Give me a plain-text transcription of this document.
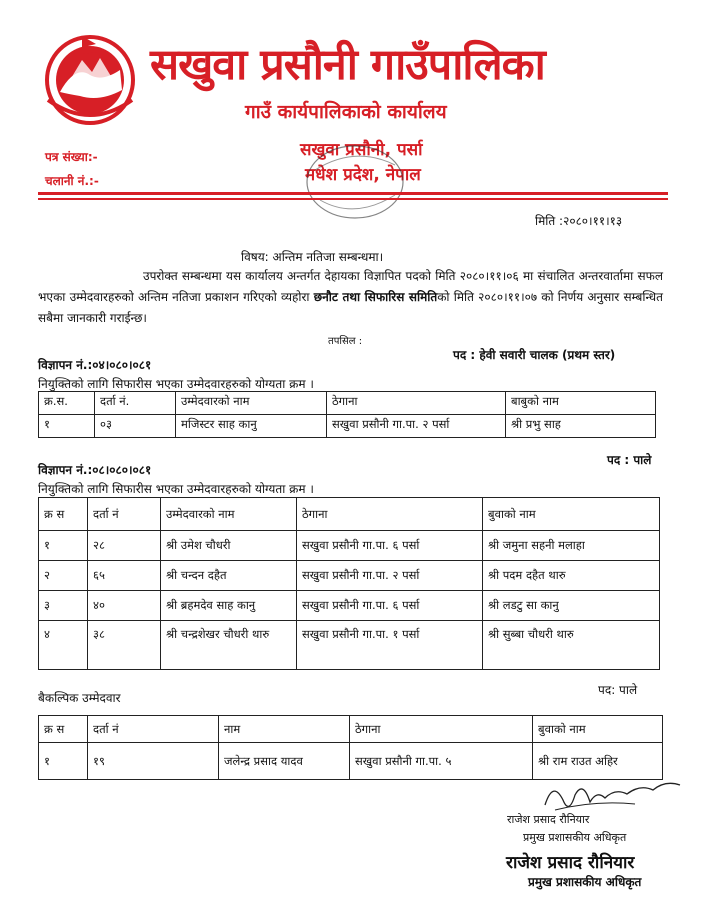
सखुवा प्रसौनी गाउँपालिका
गाउँ कार्यपालिकाको कार्यालय
सखुवा प्रसौनी, पर्सा
मधेश प्रदेश, नेपाल
पत्र संख्या:-
चलानी नं.:-
मिति :२०८०।११।१३
विषय: अन्तिम नतिजा सम्बन्धमा।
उपरोक्त सम्बन्धमा यस कार्यालय अन्तर्गत देहायका विज्ञापित पदको मिति २०८०।११।०६ मा संचालित अन्तरवार्तामा सफल भएका उम्मेदवारहरुको अन्तिम नतिजा प्रकाशन गरिएको व्यहोरा छनौट तथा सिफारिस समितिको मिति २०८०।११।०७ को निर्णय अनुसार सम्बन्धित सबैमा जानकारी गराईन्छ।
तपसिल :
विज्ञापन नं.:०४।०८०।०८१
पद : हेवी सवारी चालक (प्रथम स्तर)
नियुक्तिको लागि सिफारीस भएका उम्मेदवारहरुको योग्यता क्रम ।
क्र.स.	दर्ता नं.	उम्मेदवारको नाम	ठेगाना	बाबुको नाम
१	०३	मजिस्टर साह कानु	सखुवा प्रसौनी गा.पा. २ पर्सा	श्री प्रभु साह
विज्ञापन नं.:०८।०८०।०८१
पद : पाले
नियुक्तिको लागि सिफारीस भएका उम्मेदवारहरुको योग्यता क्रम ।
क्र स	दर्ता नं	उम्मेदवारको नाम	ठेगाना	बुवाको नाम
१	२८	श्री उमेश चौधरी	सखुवा प्रसौनी गा.पा. ६ पर्सा	श्री जमुना सहनी मलाहा
२	६५	श्री चन्दन दहैत	सखुवा प्रसौनी गा.पा. २ पर्सा	श्री पदम दहैत थारु
३	४०	श्री ब्रहमदेव साह कानु	सखुवा प्रसौनी गा.पा. ६ पर्सा	श्री लडटु सा कानु
४	३८	श्री चन्द्रशेखर चौधरी थारु	सखुवा प्रसौनी गा.पा. १ पर्सा	श्री सुब्बा चौधरी थारु
बैकल्पिक उम्मेदवार
पद: पाले
क्र स	दर्ता नं	नाम	ठेगाना	बुवाको नाम
१	१९	जलेन्द्र प्रसाद यादव	सखुवा प्रसौनी गा.पा. ५	श्री राम राउत अहिर
राजेश प्रसाद रौनियार
प्रमुख प्रशासकीय अधिकृत
राजेश प्रसाद रौनियार
प्रमुख प्रशासकीय अधिकृत
